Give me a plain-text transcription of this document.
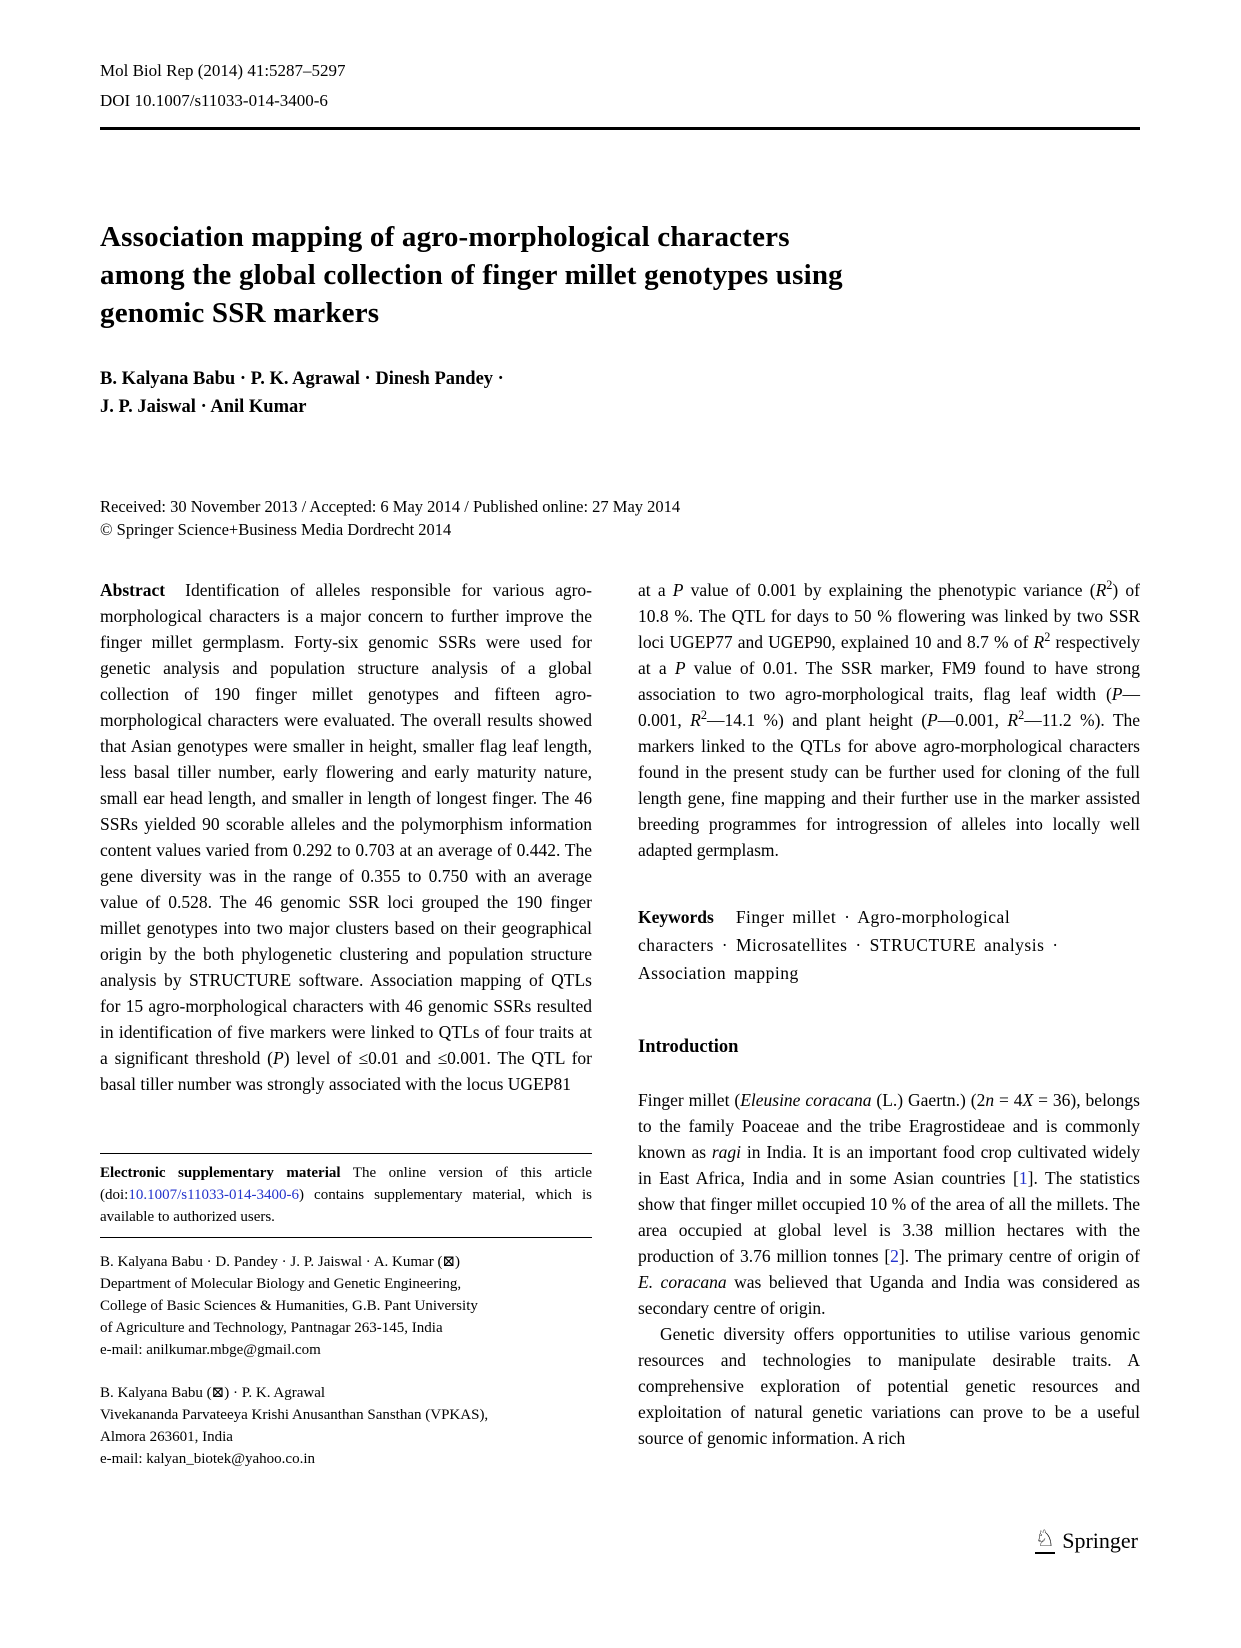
Mol Biol Rep (2014) 41:5287–5297
DOI 10.1007/s11033-014-3400-6
Association mapping of agro-morphological characters
among the global collection of finger millet genotypes using
genomic SSR markers
B. Kalyana Babu · P. K. Agrawal · Dinesh Pandey ·
J. P. Jaiswal · Anil Kumar
Received: 30 November 2013 / Accepted: 6 May 2014 / Published online: 27 May 2014
© Springer Science+Business Media Dordrecht 2014

Abstract Identification of alleles responsible for various agro-morphological characters is a major concern to further improve the finger millet germplasm. Forty-six genomic SSRs were used for genetic analysis and population structure analysis of a global collection of 190 finger millet genotypes and fifteen agro-morphological characters were evaluated. The overall results showed that Asian genotypes were smaller in height, smaller flag leaf length, less basal tiller number, early flowering and early maturity nature, small ear head length, and smaller in length of longest finger. The 46 SSRs yielded 90 scorable alleles and the polymorphism information content values varied from 0.292 to 0.703 at an average of 0.442. The gene diversity was in the range of 0.355 to 0.750 with an average value of 0.528. The 46 genomic SSR loci grouped the 190 finger millet genotypes into two major clusters based on their geographical origin by the both phylogenetic clustering and population structure analysis by STRUCTURE software. Association mapping of QTLs for 15 agro-morphological characters with 46 genomic SSRs resulted in identification of five markers were linked to QTLs of four traits at a significant threshold (P) level of ≤0.01 and ≤0.001. The QTL for basal tiller number was strongly associated with the locus UGEP81

Electronic supplementary material The online version of this article (doi:10.1007/s11033-014-3400-6) contains supplementary material, which is available to authorized users.

B. Kalyana Babu · D. Pandey · J. P. Jaiswal · A. Kumar (⊠)
Department of Molecular Biology and Genetic Engineering,
College of Basic Sciences & Humanities, G.B. Pant University
of Agriculture and Technology, Pantnagar 263-145, India
e-mail: anilkumar.mbge@gmail.com
B. Kalyana Babu (⊠) · P. K. Agrawal
Vivekananda Parvateeya Krishi Anusanthan Sansthan (VPKAS),
Almora 263601, India
e-mail: kalyan_biotek@yahoo.co.in

at a P value of 0.001 by explaining the phenotypic variance $(R^2)$ of 10.8 %. The QTL for days to 50 % flowering was linked by two SSR loci UGEP77 and UGEP90, explained 10 and 8.7 % of $R^2$ respectively at a P value of 0.01. The SSR marker, FM9 found to have strong association to two agro-morphological traits, flag leaf width (P—0.001, $R^2—14.1$ %) and plant height (P—0.001, $R^2—11.2$ %). The markers linked to the QTLs for above agro-morphological characters found in the present study can be further used for cloning of the full length gene, fine mapping and their further use in the marker assisted breeding programmes for introgression of alleles into locally well adapted germplasm.

Keywords Finger millet · Agro-morphological
characters · Microsatellites · STRUCTURE analysis ·
Association mapping
Introduction

Finger millet (Eleusine coracana (L.) Gaertn.) (2n = 4X = 36), belongs to the family Poaceae and the tribe Eragrostideae and is commonly known as ragi in India. It is an important food crop cultivated widely in East Africa, India and in some Asian countries [1]. The statistics show that finger millet occupied 10 % of the area of all the millets. The area occupied at global level is 3.38 million hectares with the production of 3.76 million tonnes [2]. The primary centre of origin of E. coracana was believed that Uganda and India was considered as secondary centre of origin.

Genetic diversity offers opportunities to utilise various genomic resources and technologies to manipulate desirable traits. A comprehensive exploration of potential genetic resources and exploitation of natural genetic variations can prove to be a useful source of genomic information. A rich

♘ Springer
